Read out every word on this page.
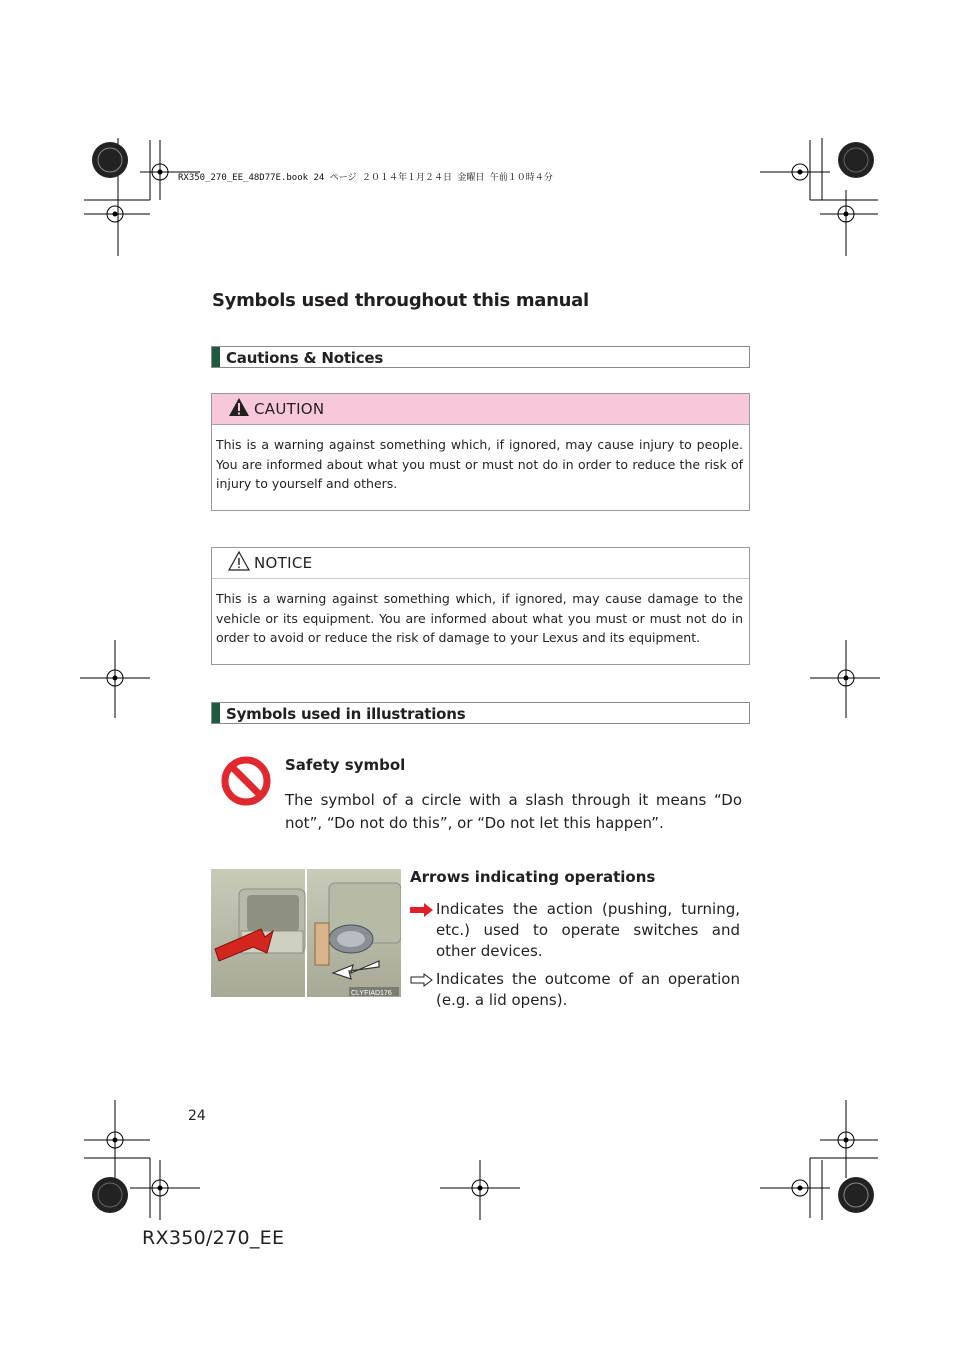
RX350_270_EE_48D77E.book 24 ページ ２０１４年１月２４日 金曜日 午前１０時４分
Symbols used throughout this manual
Cautions & Notices
CAUTION
This is a warning against something which, if ignored, may cause injury to people. You are informed about what you must or must not do in order to reduce the risk of injury to yourself and others.
NOTICE
This is a warning against something which, if ignored, may cause damage to the vehicle or its equipment. You are informed about what you must or must not do in order to avoid or reduce the risk of damage to your Lexus and its equipment.
Symbols used in illustrations
Safety symbol
The symbol of a circle with a slash through it means “Do not”, “Do not do this”, or “Do not let this happen”.
CLYFIAD176
Arrows indicating operations
Indicates the action (pushing, turning, etc.) used to operate switches and other devices.
Indicates the outcome of an operation (e.g. a lid opens).
24
RX350/270_EE
